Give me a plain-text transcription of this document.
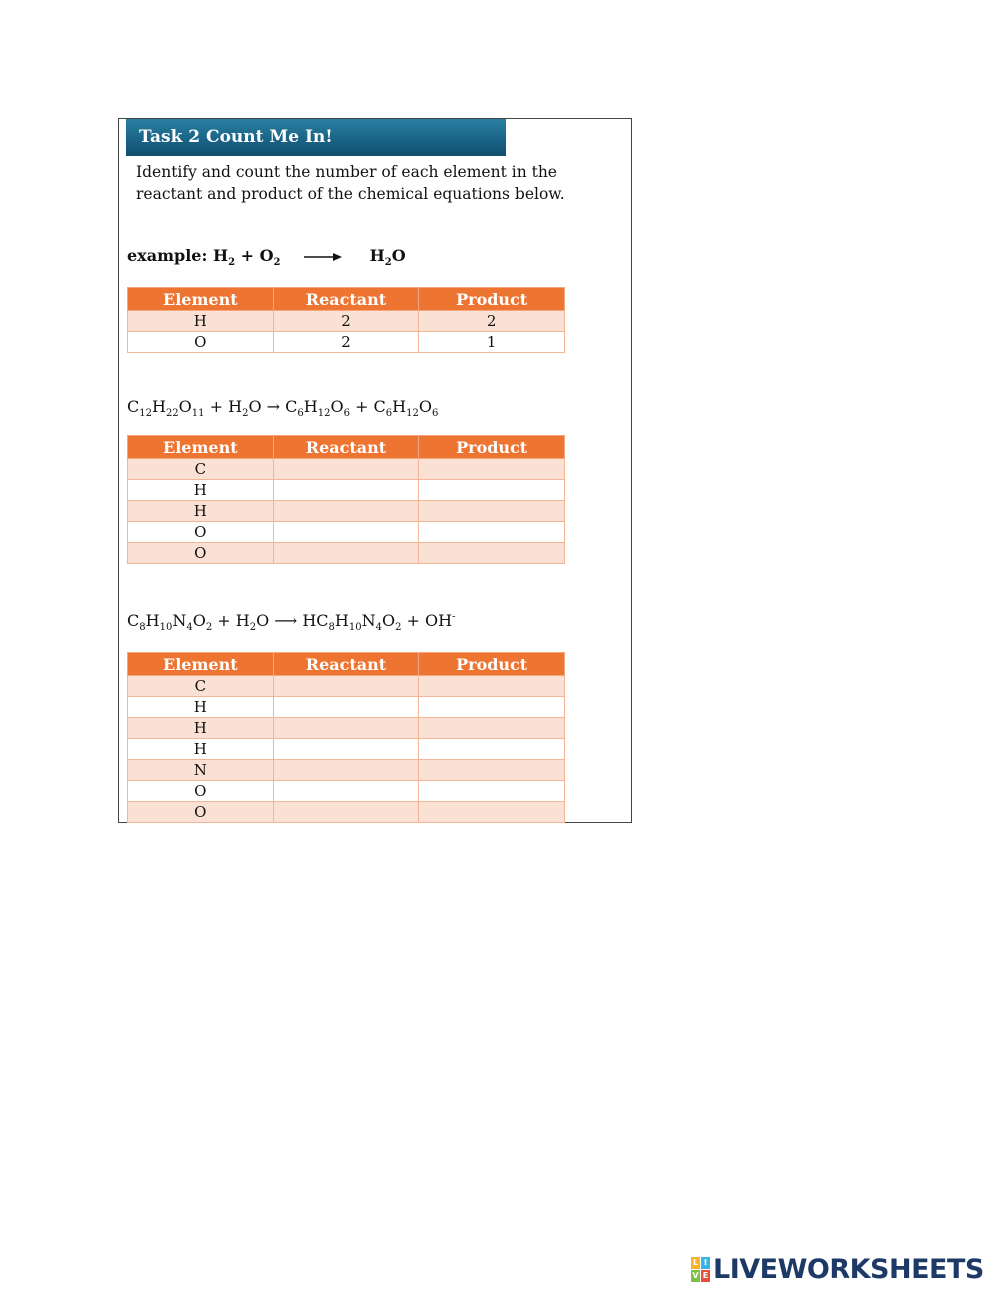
Task 2 Count Me In!
Identify and count the number of each element in the
reactant and product of the chemical equations below.
example: $H_2 + O_2$	$H_2O$
Element	Reactant	Product
H	2	2
O	2	1
$C_{12}H_{22}O_{11} + H_2O \to C_6H_{12}O_6 + C_6H_{12}O_6$
Element	Reactant	Product
C		
H		
H		
O		
O		
$C_8H_{10}N_4O_2 + H_2O$ ⟶ $HC_8H_{10}N_4O_2 + OH^-$
Element	Reactant	Product
C		
H		
H		
H		
N		
O		
O		
L I
V E LIVEWORKSHEETS
